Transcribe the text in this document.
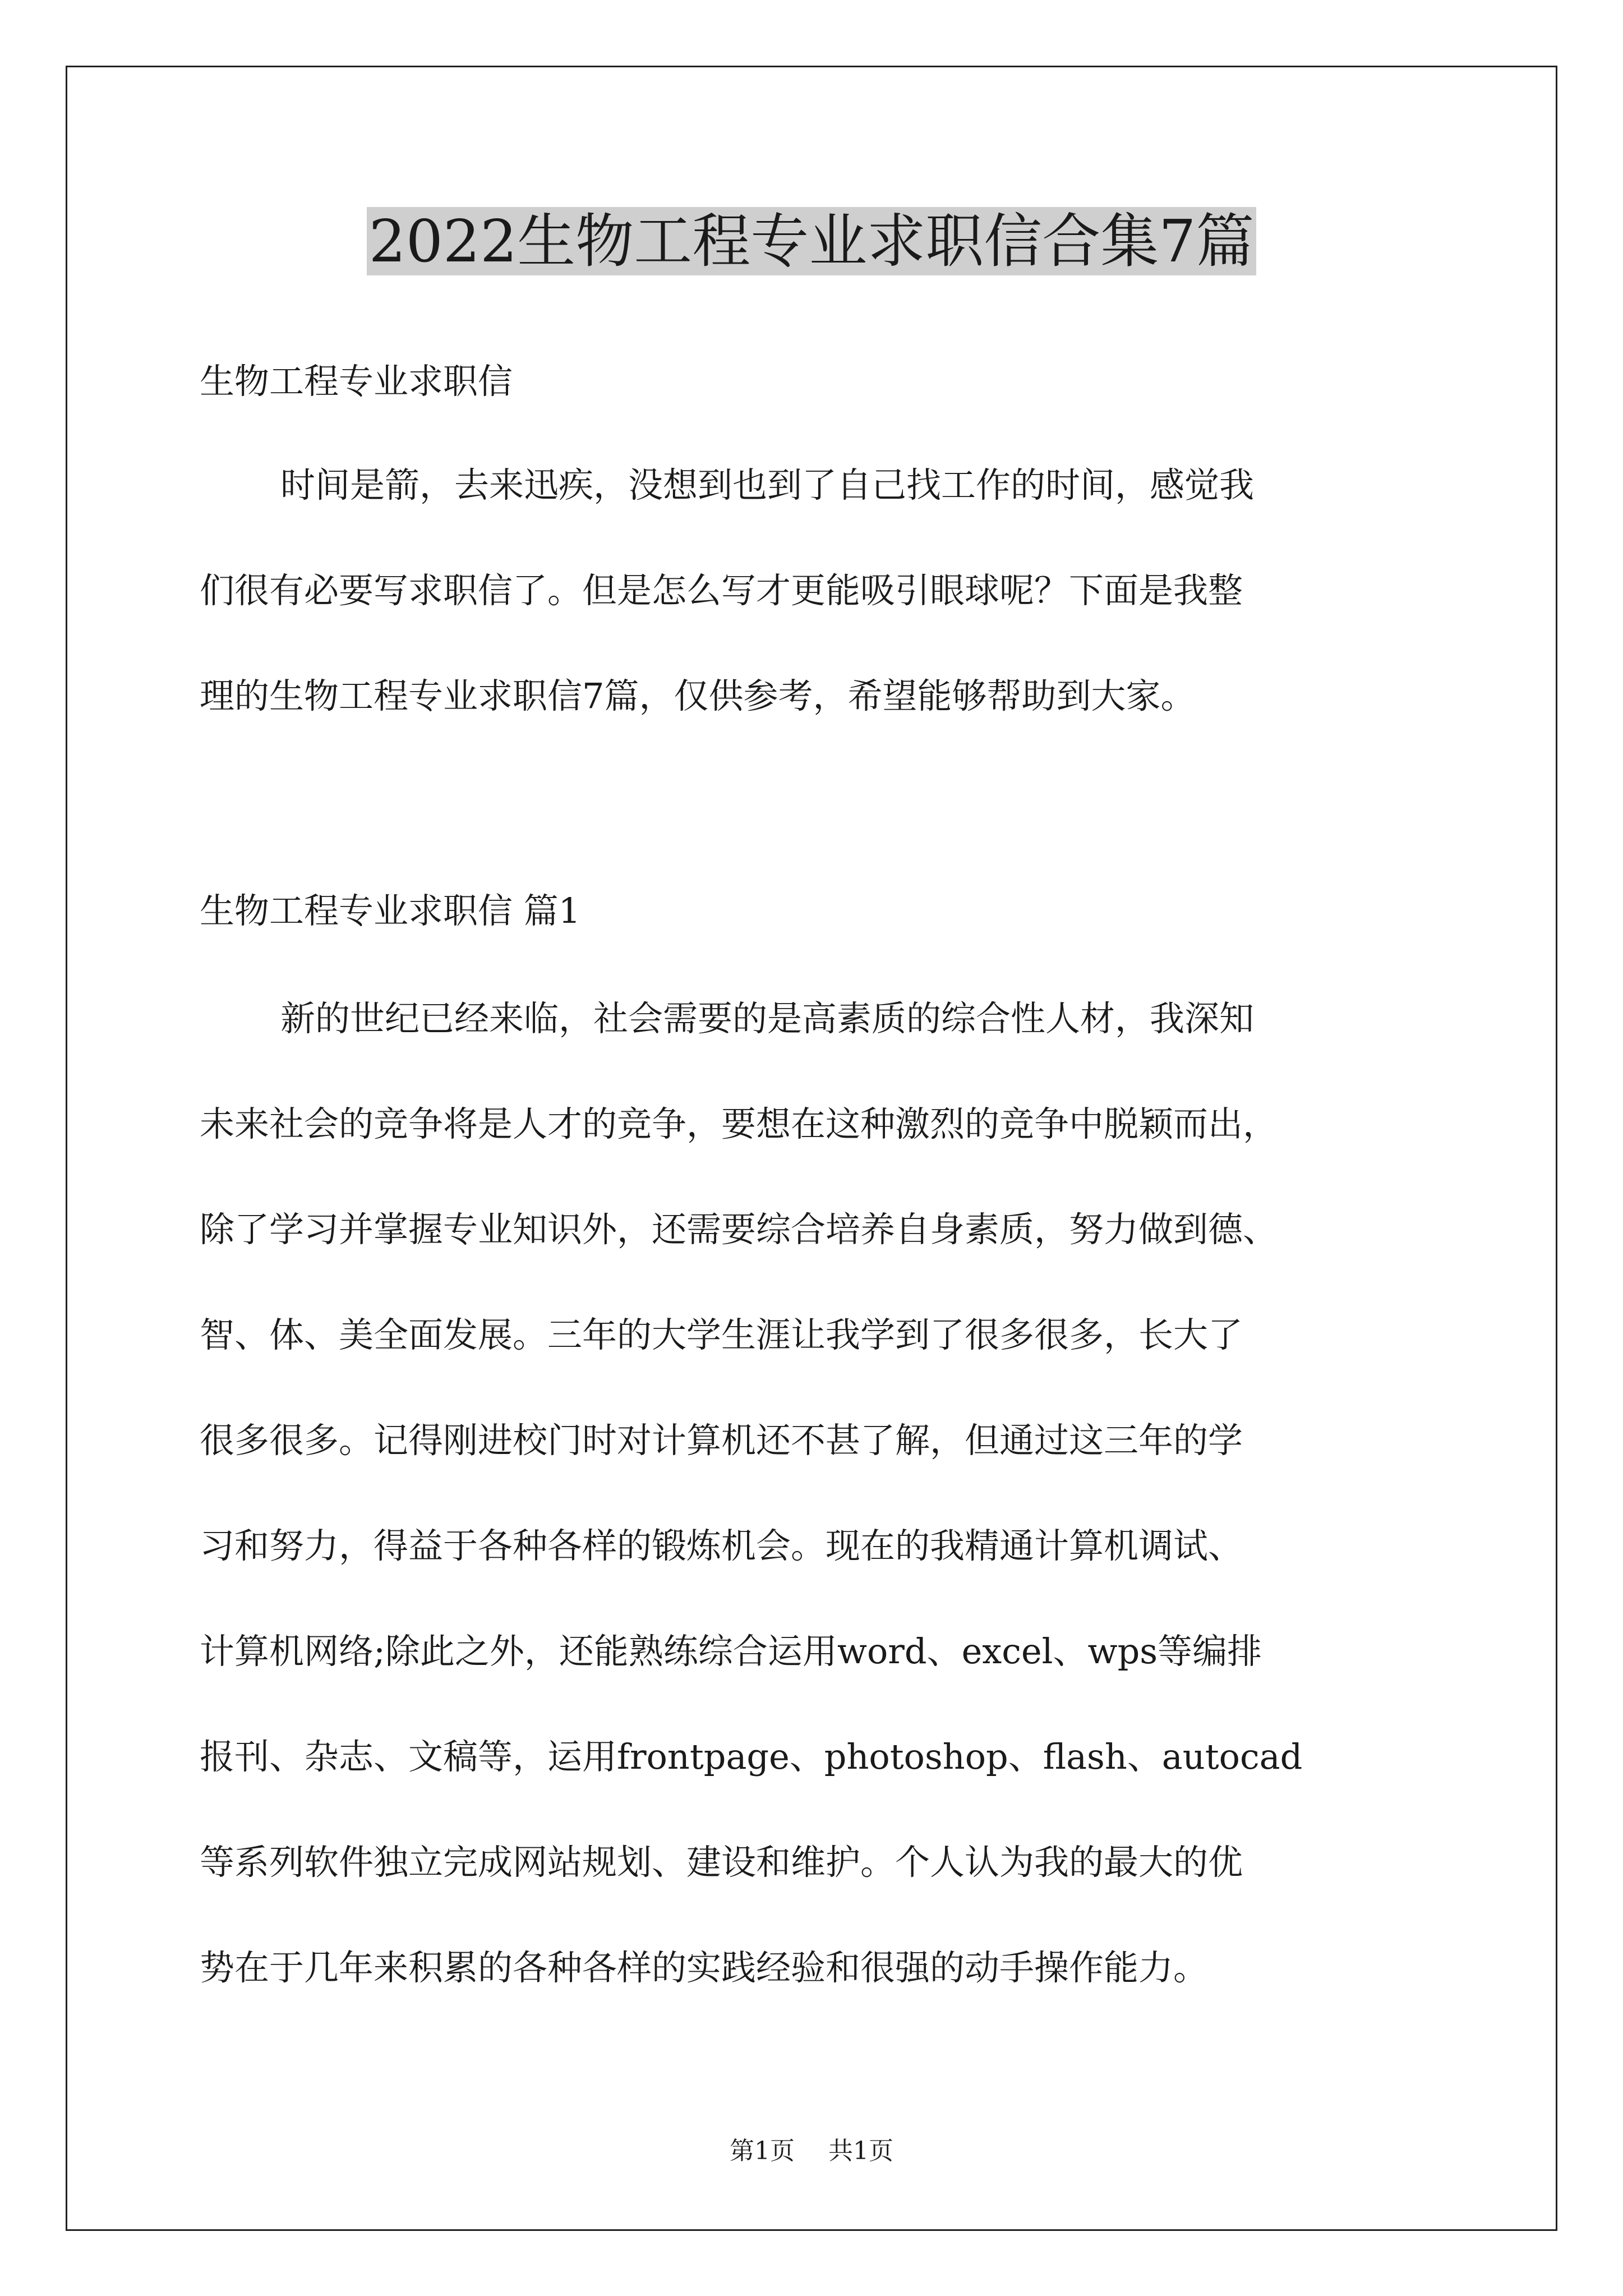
2022生物工程专业求职信合集7篇

生物工程专业求职信

时间是箭，去来迅疾，没想到也到了自己找工作的时间，感觉我

们很有必要写求职信了。但是怎么写才更能吸引眼球呢？下面是我整

理的生物工程专业求职信7篇，仅供参考，希望能够帮助到大家。

生物工程专业求职信 篇1

新的世纪已经来临，社会需要的是高素质的综合性人材，我深知

未来社会的竞争将是人才的竞争，要想在这种激烈的竞争中脱颖而出，

除了学习并掌握专业知识外，还需要综合培养自身素质，努力做到德、

智、体、美全面发展。三年的大学生涯让我学到了很多很多，长大了

很多很多。记得刚进校门时对计算机还不甚了解，但通过这三年的学

习和努力，得益于各种各样的锻炼机会。现在的我精通计算机调试、

计算机网络;除此之外，还能熟练综合运用word、excel、wps等编排

报刊、杂志、文稿等，运用frontpage、photoshop、flash、autocad

等系列软件独立完成网站规划、建设和维护。个人认为我的最大的优

势在于几年来积累的各种各样的实践经验和很强的动手操作能力。

第1页 共1页
